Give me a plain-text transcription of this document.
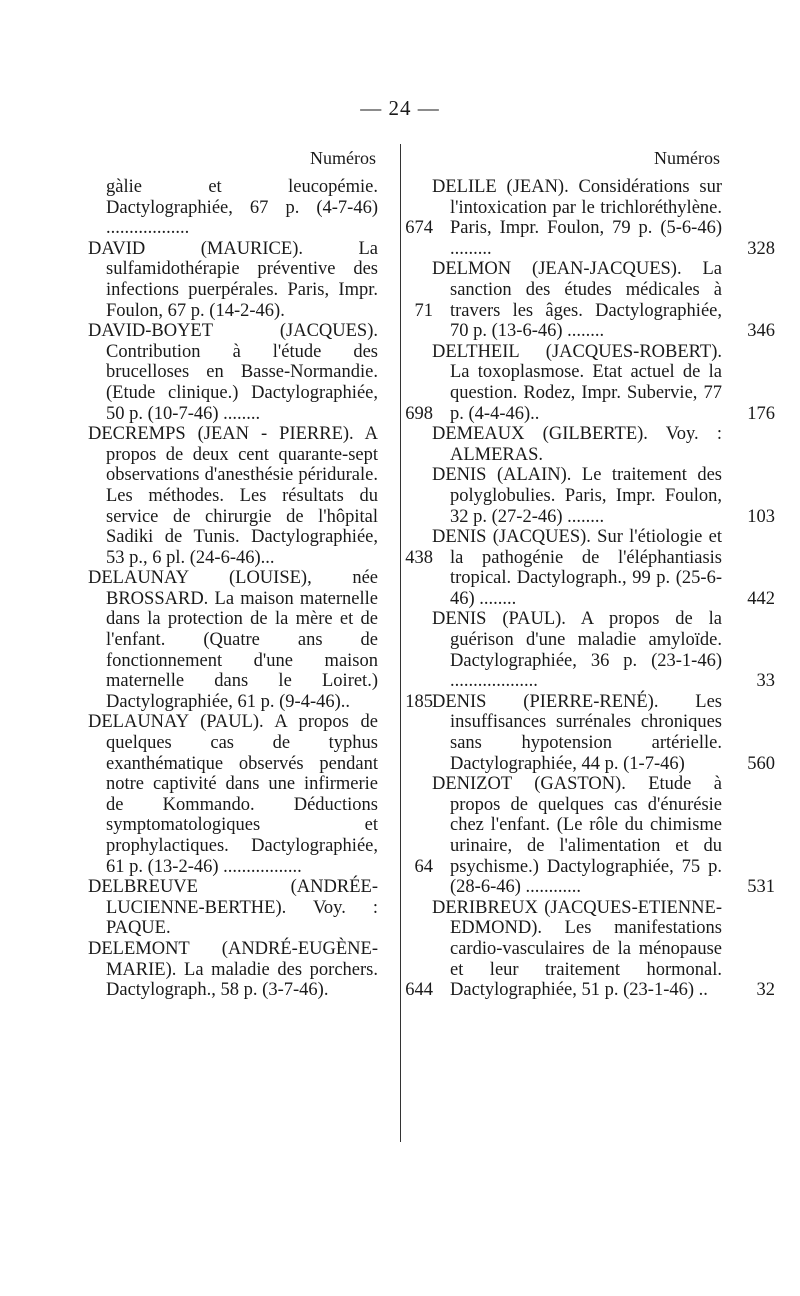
— 24 —
Numéros
gàlie et leucopémie. Dactylographiée, 67 p. (4-7-46) ..................	674
DAVID (MAURICE). La sulfamidothérapie préventive des infections puerpérales. Paris, Impr. Foulon, 67 p. (14-2-46).	71
DAVID-BOYET (JACQUES). Contribution à l'étude des brucelloses en Basse-Normandie. (Etude clinique.) Dactylographiée, 50 p. (10-7-46) ........	698
DECREMPS (JEAN - PIERRE). A propos de deux cent quarante-sept observations d'anesthésie péridurale. Les méthodes. Les résultats du service de chirurgie de l'hôpital Sadiki de Tunis. Dactylographiée, 53 p., 6 pl. (24-6-46)...	438
DELAUNAY (LOUISE), née BROSSARD. La maison maternelle dans la protection de la mère et de l'enfant. (Quatre ans de fonctionnement d'une maison maternelle dans le Loiret.) Dactylographiée, 61 p. (9-4-46)..	185
DELAUNAY (PAUL). A propos de quelques cas de typhus exanthématique observés pendant notre captivité dans une infirmerie de Kommando. Déductions symptomatologiques et prophylactiques. Dactylographiée, 61 p. (13-2-46) .................	64
DELBREUVE (ANDRÉE-LUCIENNE-BERTHE). Voy. : PAQUE.
DELEMONT (ANDRÉ-EUGÈNE-MARIE). La maladie des porchers. Dactylograph., 58 p. (3-7-46).	644
Numéros
DELILE (JEAN). Considérations sur l'intoxication par le trichloréthylène. Paris, Impr. Foulon, 79 p. (5-6-46) .........	328
DELMON (JEAN-JACQUES). La sanction des études médicales à travers les âges. Dactylographiée, 70 p. (13-6-46) ........	346
DELTHEIL (JACQUES-ROBERT). La toxoplasmose. Etat actuel de la question. Rodez, Impr. Subervie, 77 p. (4-4-46)..	176
DEMEAUX (GILBERTE). Voy. : ALMERAS.
DENIS (ALAIN). Le traitement des polyglobulies. Paris, Impr. Foulon, 32 p. (27-2-46) ........	103
DENIS (JACQUES). Sur l'étiologie et la pathogénie de l'éléphantiasis tropical. Dactylograph., 99 p. (25-6-46) ........	442
DENIS (PAUL). A propos de la guérison d'une maladie amyloïde. Dactylographiée, 36 p. (23-1-46) ...................	33
DENIS (PIERRE-RENÉ). Les insuffisances surrénales chroniques sans hypotension artérielle. Dactylographiée, 44 p. (1-7-46)	560
DENIZOT (GASTON). Etude à propos de quelques cas d'énurésie chez l'enfant. (Le rôle du chimisme urinaire, de l'alimentation et du psychisme.) Dactylographiée, 75 p. (28-6-46) ............	531
DERIBREUX (JACQUES-ETIENNE-EDMOND). Les manifestations cardio-vasculaires de la ménopause et leur traitement hormonal. Dactylographiée, 51 p. (23-1-46) ..	32
